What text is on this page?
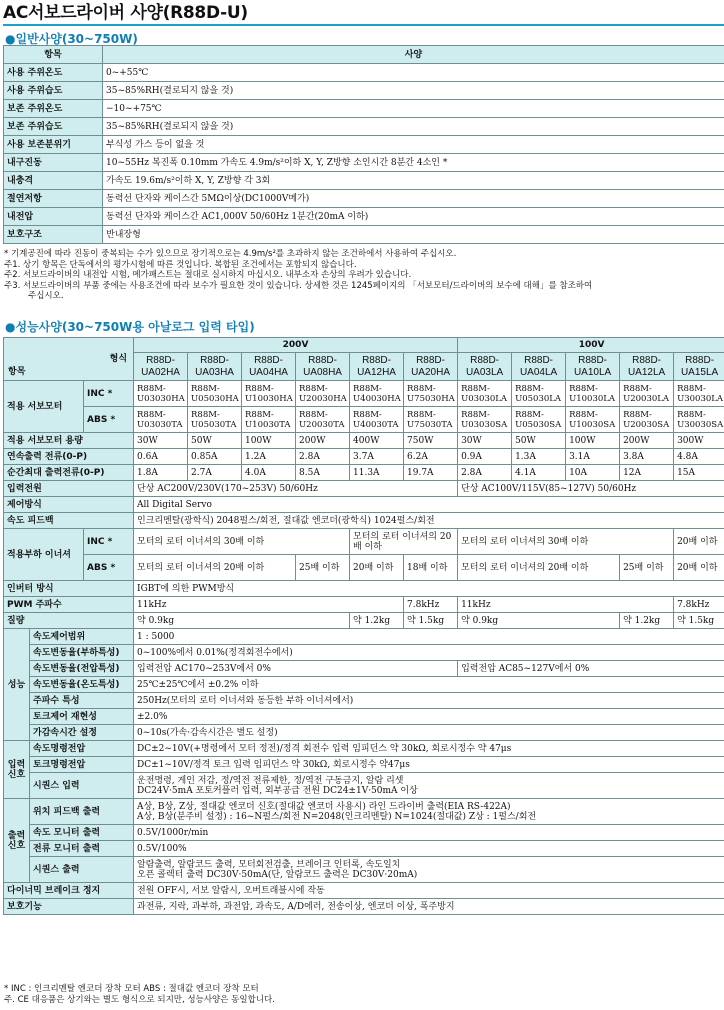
AC서보드라이버 사양(R88D-U)
●일반사양(30~750W)
항목	사양
사용 주위온도	0~+55℃
사용 주위습도	35~85%RH(결로되지 않을 것)
보존 주위온도	−10~+75℃
보존 주위습도	35~85%RH(결로되지 않을 것)
사용 보존분위기	부식성 가스 등이 없을 것
내구진동	10~55Hz 복진폭 0.10mm 가속도 4.9m/s²이하 X, Y, Z방향 소인시간 8분간 4소인 *
내충격	가속도 19.6m/s²이하 X, Y, Z방향 각 3회
절연저항	동력선 단자와 케이스간 5MΩ이상(DC1000V메가)
내전압	동력선 단자와 케이스간 AC1,000V 50/60Hz 1분간(20mA 이하)
보호구조	반내장형
* 기계공진에 따라 진동이 중복되는 수가 있으므로 장기적으로는 4.9m/s²를 초과하지 않는 조건하에서 사용하여 주십시오.
주1. 상기 항목은 단독에서의 평가시험에 따른 것입니다. 복합된 조건에서는 포함되지 않습니다.
주2. 서보드라이버의 내전압 시험, 메가패스트는 절대로 실시하지 마십시오. 내부소자 손상의 우려가 있습니다.
주3. 서보드라이버의 부품 중에는 사용조건에 따라 보수가 필요한 것이 있습니다. 상세한 것은 1245페이지의 「서보모터/드라이버의 보수에 대해」를 참조하여
주십시오.
●성능사양(30~750W용 아날로그 입력 타입)
형식			200V						100V				
			R88D-UA02HA	R88D-UA03HA	R88D-UA04HA	R88D-UA08HA	R88D-UA12HA	R88D-UA20HA	R88D-UA03LA	R88D-UA04LA	R88D-UA10LA	R88D-UA12LA	R88D-UA15LA
적용 서보모터		INC *	R88M-U03030HA	R88M-U05030HA	R88M-U10030HA	R88M-U20030HA	R88M-U40030HA	R88M-U75030HA	R88M-U03030LA	R88M-U05030LA	R88M-U10030LA	R88M-U20030LA	R88M-U30030LA
		ABS *	R88M-U03030TA	R88M-U05030TA	R88M-U10030TA	R88M-U20030TA	R88M-U40030TA	R88M-U75030TA	R88M-U03030SA	R88M-U05030SA	R88M-U10030SA	R88M-U20030SA	R88M-U30030SA
적용 서보모터 용량			30W	50W	100W	200W	400W	750W	30W	50W	100W	200W	300W
연속출력 전류(0-P)			0.6A	0.85A	1.2A	2.8A	3.7A	6.2A	0.9A	1.3A	3.1A	3.8A	4.8A
순간최대 출력전류(0-P)			1.8A	2.7A	4.0A	8.5A	11.3A	19.7A	2.8A	4.1A	10A	12A	15A
입력전원			단상 AC200V/230V(170~253V) 50/60Hz						단상 AC100V/115V(85~127V) 50/60Hz				
제어방식			All Digital Servo										
속도 피드백			인크리멘탈(광학식) 2048펄스/회전, 절대값 엔코더(광학식) 1024펄스/회전										
적용부하 이너셔		INC *	모터의 로터 이너셔의 30배 이하				모터의 로터 이너셔의 20배 이하		모터의 로터 이너셔의 30배 이하				20배 이하
		ABS *	모터의 로터 이너셔의 20배 이하			25배 이하	20배 이하	18배 이하	모터의 로터 이너셔의 20배 이하			25배 이하	20배 이하
인버터 방식			IGBT에 의한 PWM방식										
PWM 주파수			11kHz					7.8kHz	11kHz				7.8kHz
질량			약 0.9kg				약 1.2kg	약 1.5kg	약 0.9kg			약 1.2kg	약 1.5kg
성능	속도제어범위		1 : 5000										
	속도변동율(부하특성)		0~100%에서 0.01%(정격회전수에서)										
	속도변동율(전압특성)		입력전압 AC170~253V에서 0%						입력전압 AC85~127V에서 0%				
	속도변동율(온도특성)		25℃±25℃에서 ±0.2% 이하										
	주파수 특성		250Hz(모터의 로터 이너셔와 동등한 부하 이너셔에서)										
	토크제어 재현성		±2.0%										
	가감속시간 설정		0~10s(가속·감속시간은 별도 설정)										
입력 신호	속도명령전압		DC±2~10V(+명령에서 모터 정전)/정격 회전수 입력 임피던스 약 30kΩ, 회로시정수 약 47μs										
	토크명령전압		DC±1~10V/정격 토크 입력 임피던스 약 30kΩ, 회로시정수 약47μs										
	시퀀스 입력		운전명령, 게인 저감, 정/역전 전류제한, 정/역전 구동금지, 알람 리셋
DC24V·5mA 포토커플러 입력, 외부공급 전원 DC24±1V·50mA 이상										

출력 신호	위치 피드백 출력		A상, B상, Z상, 절대값 엔코더 신호(절대값 엔코더 사용시) 라인 드라이버 출력(EIA RS-422A)
A상, B상(분주비 설정) : 16~N펄스/회전 N=2048(인크리멘탈) N=1024(절대값) Z상 : 1펄스/회전										

	속도 모니터 출력		0.5V/1000r/min										
	전류 모니터 출력		0.5V/100%										
	시퀀스 출력		알람출력, 알람코드 출력, 모터회전검출, 브레이크 인터록, 속도일치
오픈 콜렉터 출력 DC30V·50mA(단, 알람코드 출력은 DC30V·20mA)										

다이너믹 브레이크 정지			전원 OFF시, 서보 알람시, 오버트래블시에 작동										
보호기능			과전류, 지락, 과부하, 과전압, 과속도, A/D에러, 전송이상, 엔코더 이상, 폭주방지										
* INC : 인크리멘탈 엔코더 장착 모터 ABS : 절대값 엔코더 장착 모터
주. CE 대응품은 상기와는 별도 형식으로 되지만, 성능사양은 동일합니다.
항목
